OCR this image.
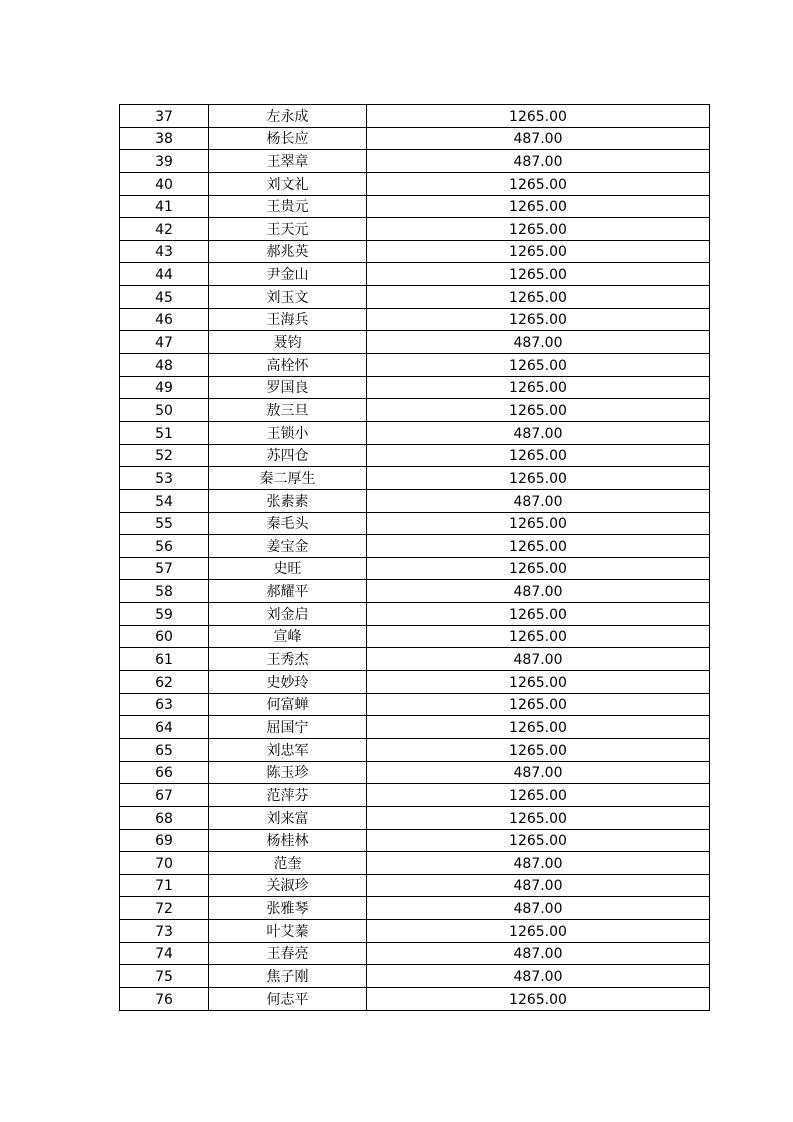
37	左永成	1265.00
38	杨长应	487.00
39	王翠章	487.00
40	刘文礼	1265.00
41	王贵元	1265.00
42	王天元	1265.00
43	郝兆英	1265.00
44	尹金山	1265.00
45	刘玉文	1265.00
46	王海兵	1265.00
47	聂钧	487.00
48	高栓怀	1265.00
49	罗国良	1265.00
50	敖三旦	1265.00
51	王锁小	487.00
52	苏四仓	1265.00
53	秦二厚生	1265.00
54	张素素	487.00
55	秦毛头	1265.00
56	姜宝金	1265.00
57	史旺	1265.00
58	郝耀平	487.00
59	刘金启	1265.00
60	宣峰	1265.00
61	王秀杰	487.00
62	史妙玲	1265.00
63	何富蝉	1265.00
64	屈国宁	1265.00
65	刘忠军	1265.00
66	陈玉珍	487.00
67	范萍芬	1265.00
68	刘来富	1265.00
69	杨桂林	1265.00
70	范奎	487.00
71	关淑珍	487.00
72	张雅琴	487.00
73	叶艾蓁	1265.00
74	王春亮	487.00
75	焦子刚	487.00
76	何志平	1265.00
